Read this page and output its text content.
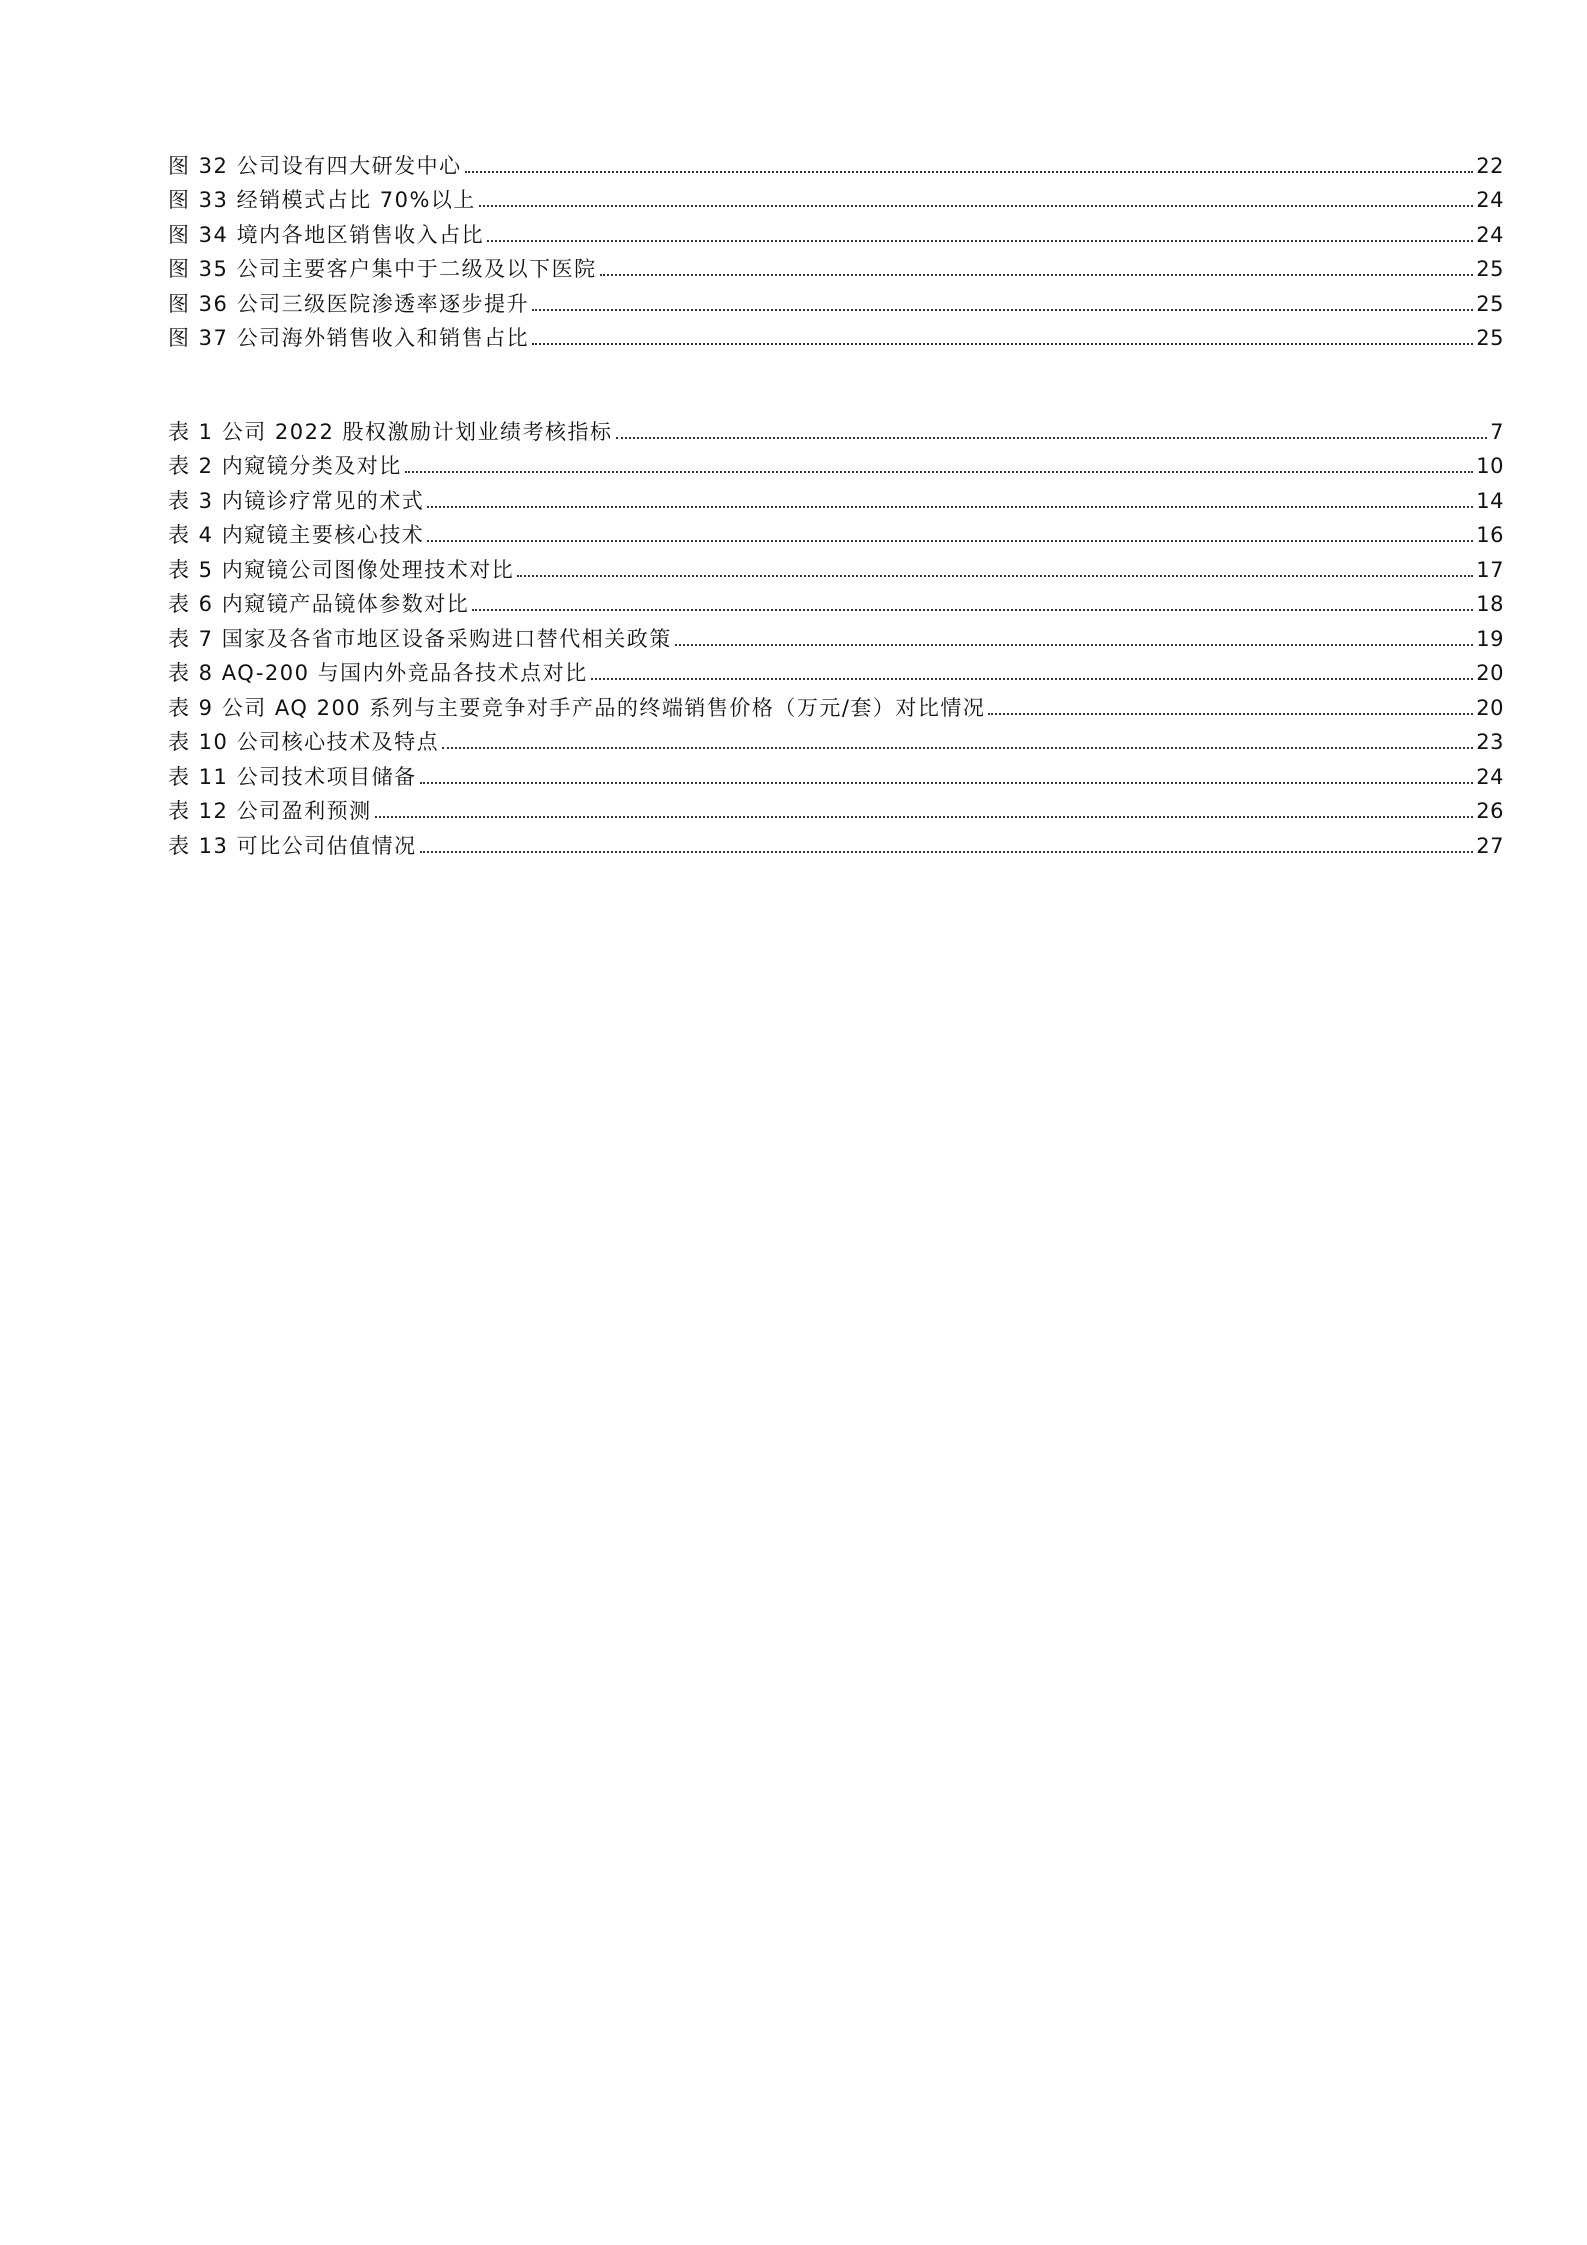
图 32 公司设有四大研发中心	22
图 33 经销模式占比 70%以上	24
图 34 境内各地区销售收入占比	24
图 35 公司主要客户集中于二级及以下医院	25
图 36 公司三级医院渗透率逐步提升	25
图 37 公司海外销售收入和销售占比	25
表 1 公司 2022 股权激励计划业绩考核指标	7
表 2 内窥镜分类及对比	10
表 3 内镜诊疗常见的术式	14
表 4 内窥镜主要核心技术	16
表 5 内窥镜公司图像处理技术对比	17
表 6 内窥镜产品镜体参数对比	18
表 7 国家及各省市地区设备采购进口替代相关政策	19
表 8 AQ-200 与国内外竞品各技术点对比	20
表 9 公司 AQ 200 系列与主要竞争对手产品的终端销售价格（万元/套）对比情况	20
表 10 公司核心技术及特点	23
表 11 公司技术项目储备	24
表 12 公司盈利预测	26
表 13 可比公司估值情况	27
